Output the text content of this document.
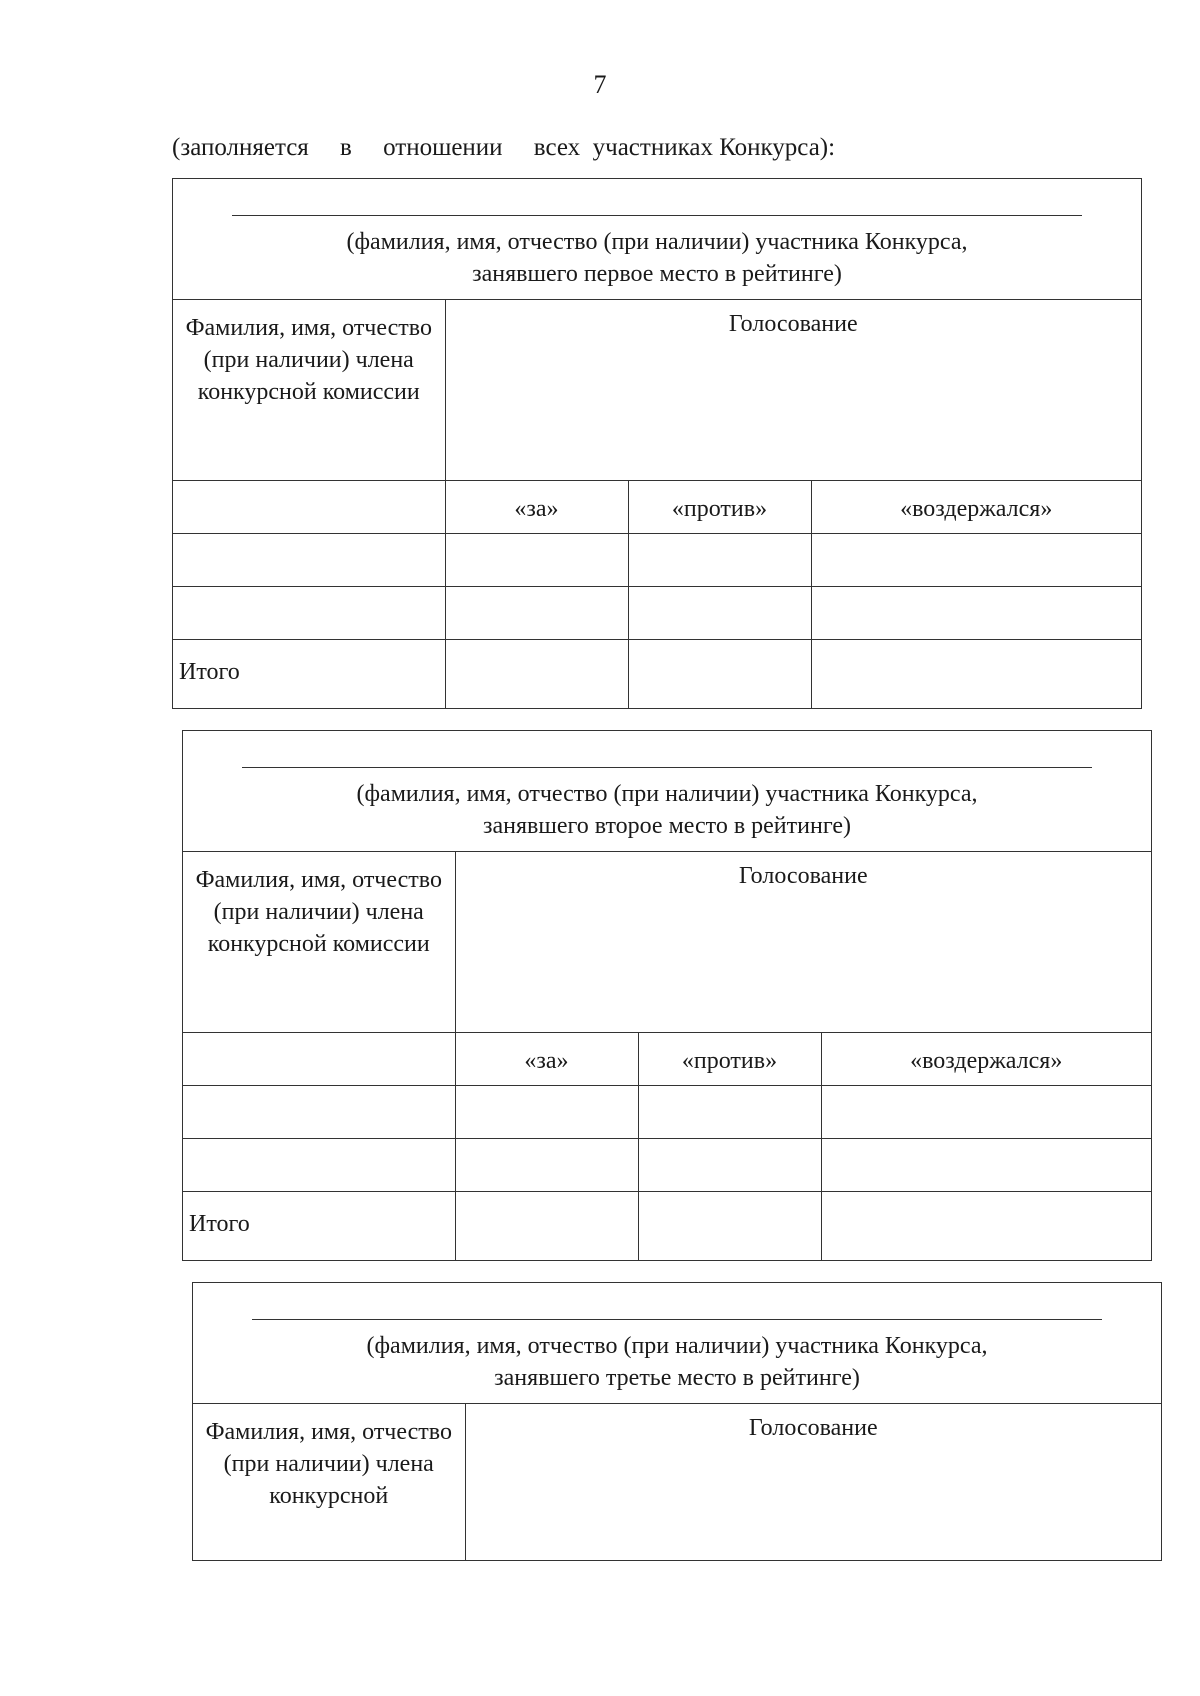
7
(заполняется     в     отношении     всех  участниках Конкурса):
(фамилия, имя, отчество (при наличии) участника Конкурса,
занявшего первое место в рейтинге)			

Фамилия, имя, отчество (при наличии) члена конкурсной комиссии	Голосование		
	«за»	«против»	«воздержался»

Итого			
(фамилия, имя, отчество (при наличии) участника Конкурса,
занявшего второе место в рейтинге)			

Фамилия, имя, отчество (при наличии) члена конкурсной комиссии	Голосование		
	«за»	«против»	«воздержался»

Итого			
(фамилия, имя, отчество (при наличии) участника Конкурса,
занявшего третье место в рейтинге)

Фамилия, имя, отчество (при наличии) члена конкурсной	Голосование
